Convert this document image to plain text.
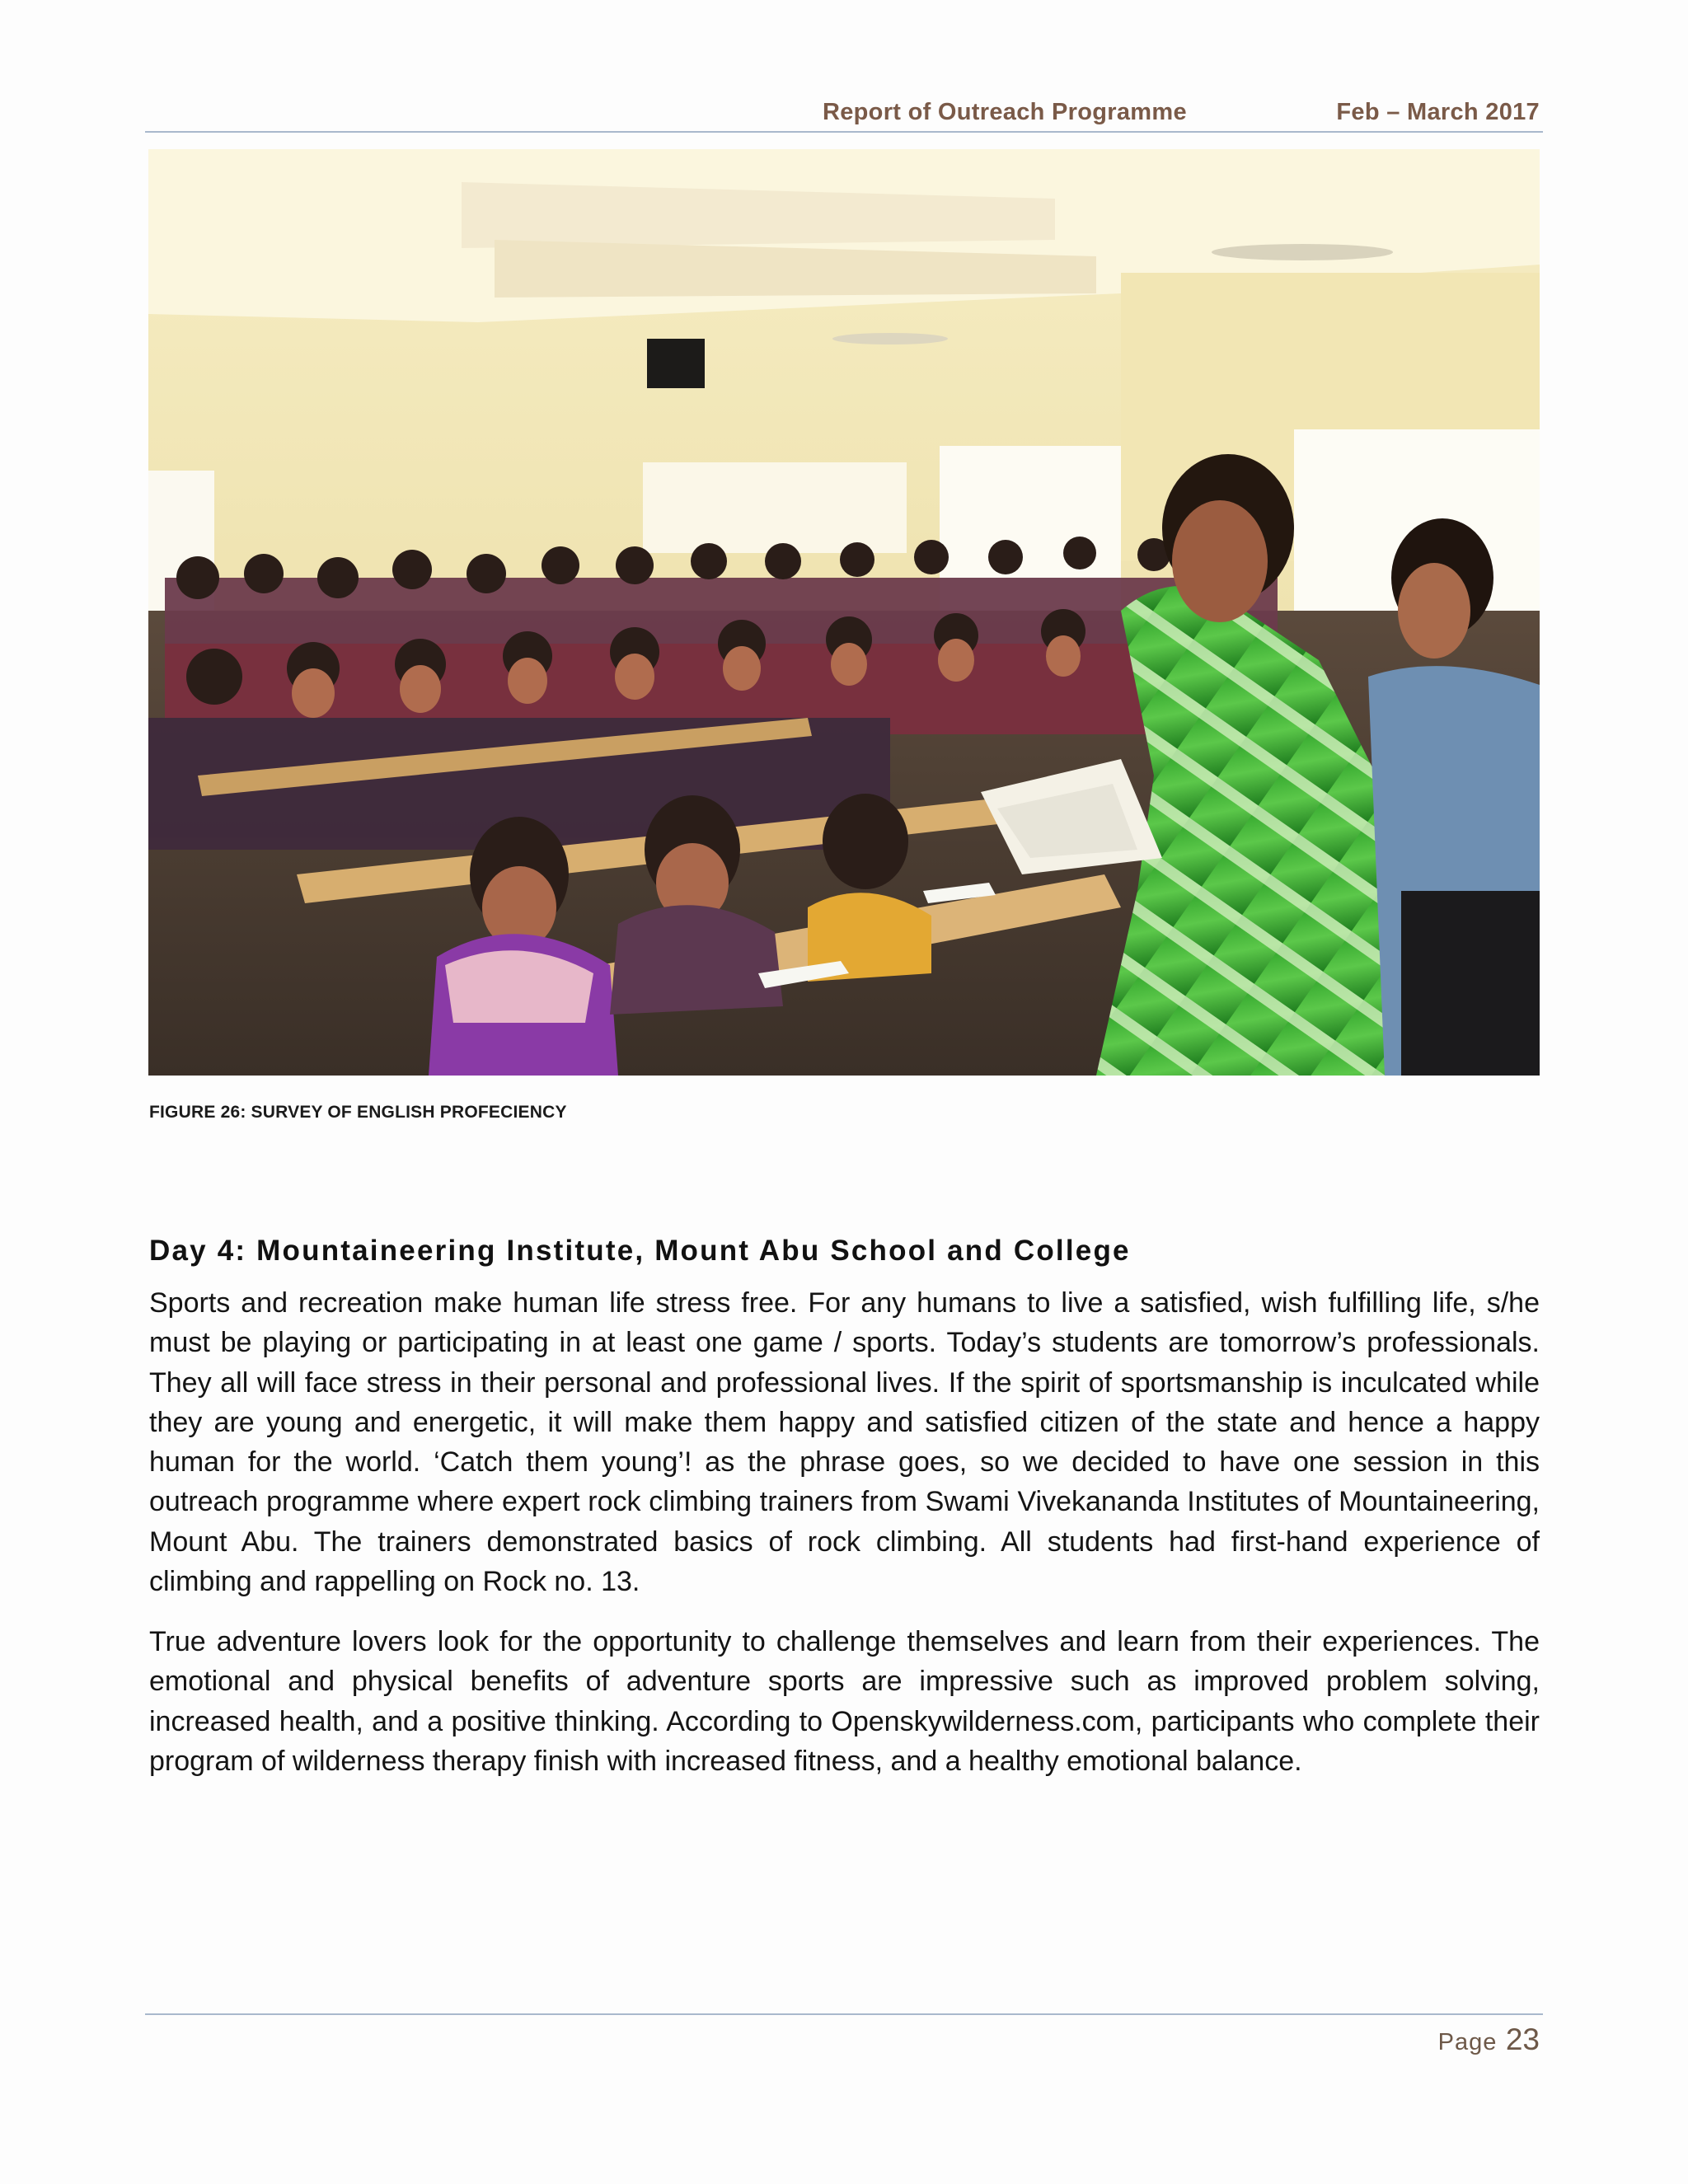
Report of Outreach Programme	Feb – March 2017
FIGURE 26: SURVEY OF ENGLISH PROFECIENCY
Day 4: Mountaineering Institute, Mount Abu School and College

Sports and recreation make human life stress free. For any humans to live a satisfied, wish fulfilling life, s/he must be playing or participating in at least one game / sports. Today’s students are tomorrow’s professionals. They all will face stress in their personal and professional lives. If the spirit of sportsmanship is inculcated while they are young and energetic, it will make them happy and satisfied citizen of the state and hence a happy human for the world. ‘Catch them young’! as the phrase goes, so we decided to have one session in this outreach programme where expert rock climbing trainers from Swami Vivekananda Institutes of Mountaineering, Mount Abu. The trainers demonstrated basics of rock climbing. All students had first-hand experience of climbing and rappelling on Rock no. 13.

True adventure lovers look for the opportunity to challenge themselves and learn from their experiences. The emotional and physical benefits of adventure sports are impressive such as improved problem solving, increased health, and a positive thinking. According to Openskywilderness.com, participants who complete their program of wilderness therapy finish with increased fitness, and a healthy emotional balance.

Page 23
